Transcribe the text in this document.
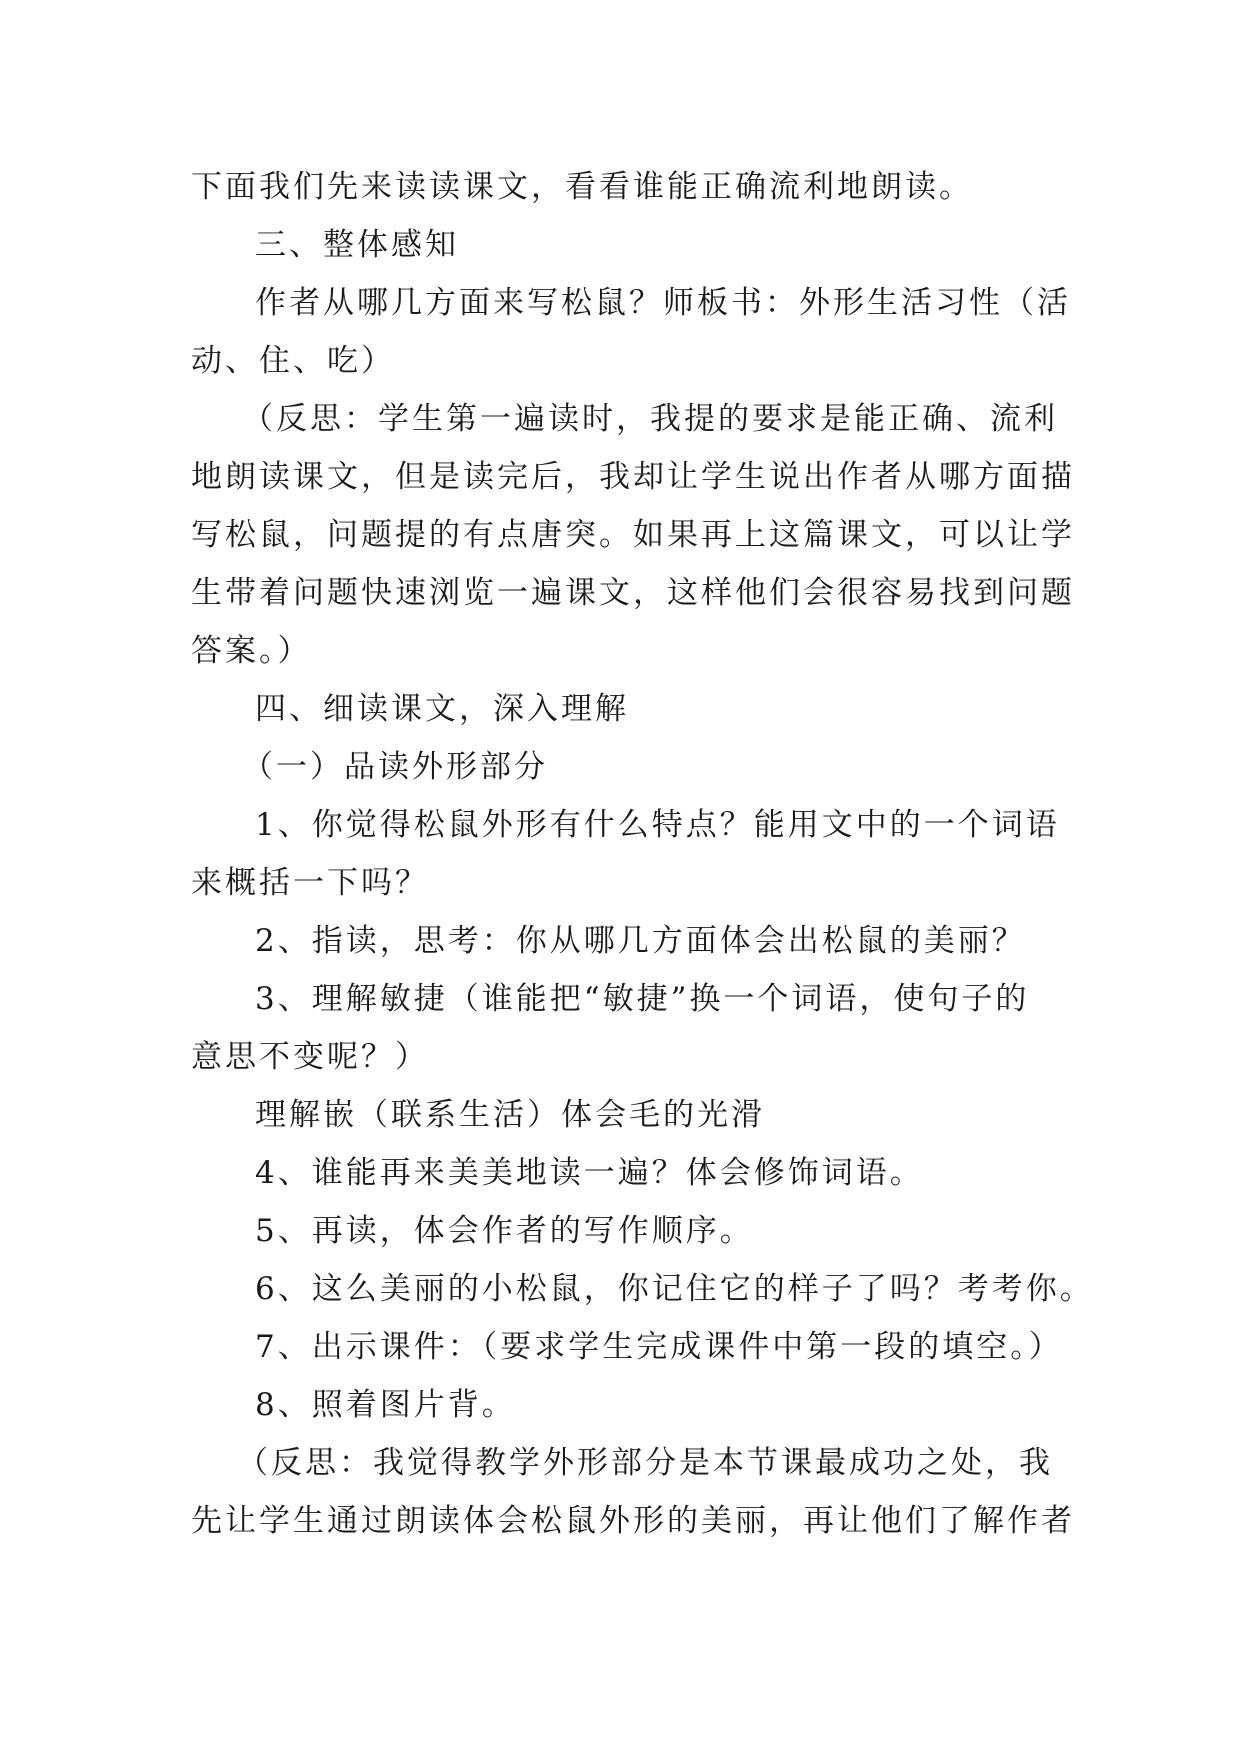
下面我们先来读读课文，看看谁能正确流利地朗读。
三、整体感知
作者从哪几方面来写松鼠？师板书：外形生活习性（活
动、住、吃）
（反思：学生第一遍读时，我提的要求是能正确、流利
地朗读课文，但是读完后，我却让学生说出作者从哪方面描
写松鼠，问题提的有点唐突。如果再上这篇课文，可以让学
生带着问题快速浏览一遍课文，这样他们会很容易找到问题
答案。）
四、细读课文，深入理解
（一）品读外形部分
1、你觉得松鼠外形有什么特点？能用文中的一个词语
来概括一下吗？
2、指读，思考：你从哪几方面体会出松鼠的美丽？
3、理解敏捷（谁能把“敏捷”换一个词语，使句子的
意思不变呢？）
理解嵌（联系生活）体会毛的光滑
4、谁能再来美美地读一遍？体会修饰词语。
5、再读，体会作者的写作顺序。
6、这么美丽的小松鼠，你记住它的样子了吗？考考你。
7、出示课件：（要求学生完成课件中第一段的填空。）
8、照着图片背。
（反思：我觉得教学外形部分是本节课最成功之处，我
先让学生通过朗读体会松鼠外形的美丽，再让他们了解作者
